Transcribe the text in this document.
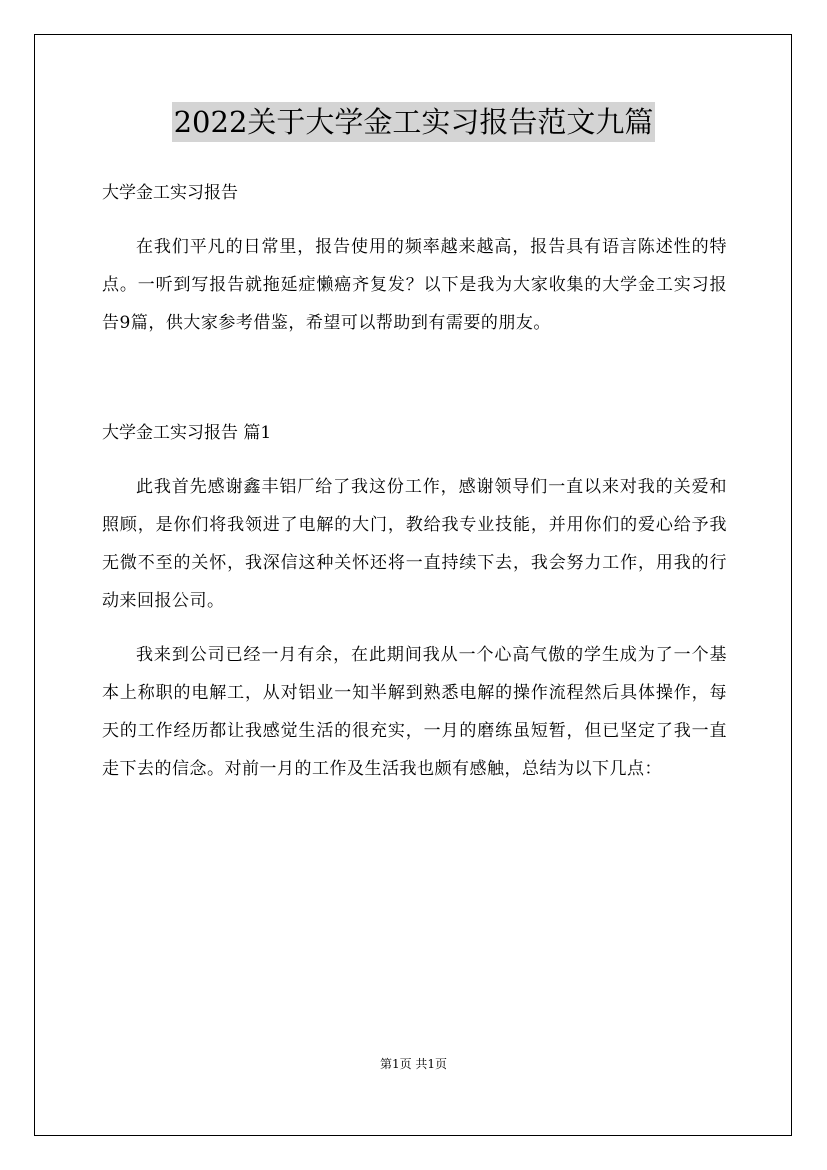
2022关于大学金工实习报告范文九篇

大学金工实习报告

在我们平凡的日常里，报告使用的频率越来越高，报告具有语言陈述性的特点。一听到写报告就拖延症懒癌齐复发？以下是我为大家收集的大学金工实习报告9篇，供大家参考借鉴，希望可以帮助到有需要的朋友。

大学金工实习报告 篇1

此我首先感谢鑫丰铝厂给了我这份工作，感谢领导们一直以来对我的关爱和照顾，是你们将我领进了电解的大门，教给我专业技能，并用你们的爱心给予我无微不至的关怀，我深信这种关怀还将一直持续下去，我会努力工作，用我的行动来回报公司。

我来到公司已经一月有余，在此期间我从一个心高气傲的学生成为了一个基本上称职的电解工，从对铝业一知半解到熟悉电解的操作流程然后具体操作，每天的工作经历都让我感觉生活的很充实，一月的磨练虽短暂，但已坚定了我一直走下去的信念。对前一月的工作及生活我也颇有感触，总结为以下几点：

第1页 共1页
